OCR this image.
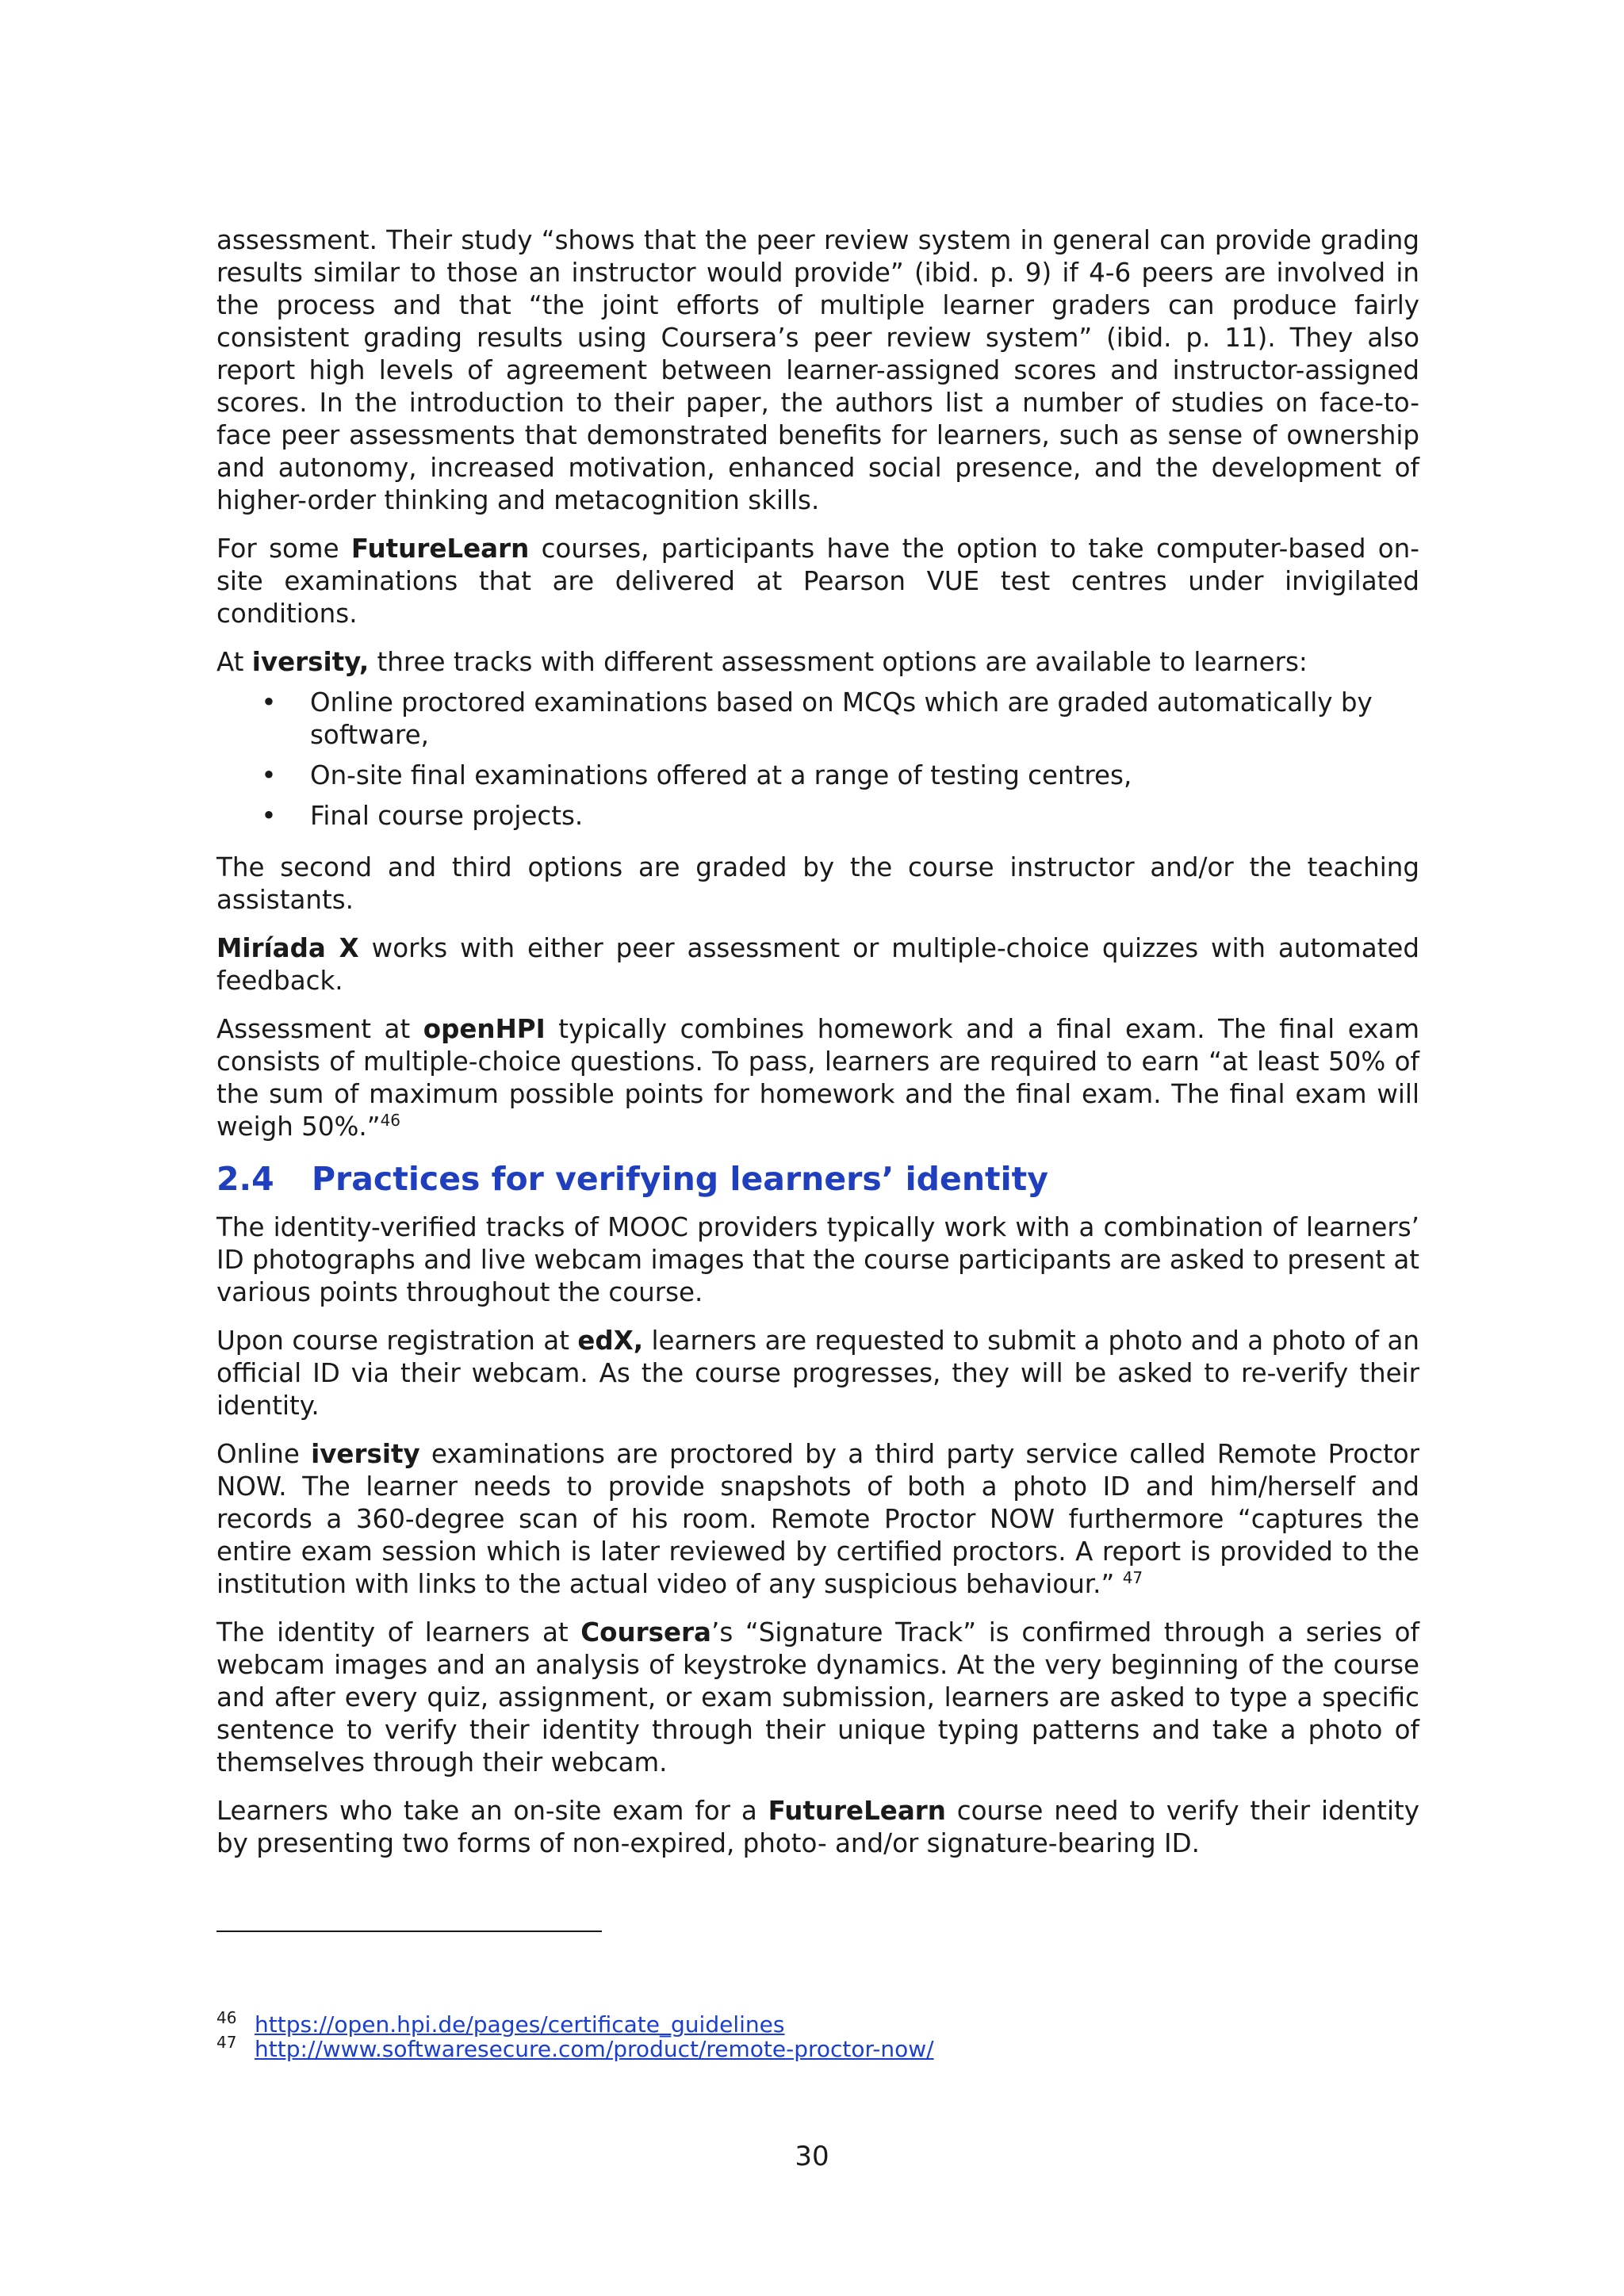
assessment. Their study “shows that the peer review system in general can provide grading results similar to those an instructor would provide” (ibid. p. 9) if 4-6 peers are involved in the process and that “the joint efforts of multiple learner graders can produce fairly consistent grading results using Coursera’s peer review system” (ibid. p. 11). They also report high levels of agreement between learner-assigned scores and instructor-assigned scores. In the introduction to their paper, the authors list a number of studies on face-to-face peer assessments that demonstrated benefits for learners, such as sense of ownership and autonomy, increased motivation, enhanced social presence, and the development of higher-order thinking and metacognition skills.

For some FutureLearn courses, participants have the option to take computer-based on-site examinations that are delivered at Pearson VUE test centres under invigilated conditions.

At iversity, three tracks with different assessment options are available to learners:

• Online proctored examinations based on MCQs which are graded automatically by software,
• On-site final examinations offered at a range of testing centres,
• Final course projects.

The second and third options are graded by the course instructor and/or the teaching assistants.

Miríada X works with either peer assessment or multiple-choice quizzes with automated feedback.

Assessment at openHPI typically combines homework and a final exam. The final exam consists of multiple-choice questions. To pass, learners are required to earn “at least 50% of the sum of maximum possible points for homework and the final exam. The final exam will weigh 50%.”$^{46}$

2.4 Practices for verifying learners’ identity

The identity-verified tracks of MOOC providers typically work with a combination of learners’ ID photographs and live webcam images that the course participants are asked to present at various points throughout the course.

Upon course registration at edX, learners are requested to submit a photo and a photo of an official ID via their webcam. As the course progresses, they will be asked to re-verify their identity.

Online iversity examinations are proctored by a third party service called Remote Proctor NOW. The learner needs to provide snapshots of both a photo ID and him/herself and records a 360-degree scan of his room. Remote Proctor NOW furthermore “captures the entire exam session which is later reviewed by certified proctors. A report is provided to the institution with links to the actual video of any suspicious behaviour.” $^{47}$

The identity of learners at Coursera’s “Signature Track” is confirmed through a series of webcam images and an analysis of keystroke dynamics. At the very beginning of the course and after every quiz, assignment, or exam submission, learners are asked to type a specific sentence to verify their identity through their unique typing patterns and take a photo of themselves through their webcam.

Learners who take an on-site exam for a FutureLearn course need to verify their identity by presenting two forms of non-expired, photo- and/or signature-bearing ID.

46 https://open.hpi.de/pages/certificate_guidelines
47 http://www.softwaresecure.com/product/remote-proctor-now/
30
